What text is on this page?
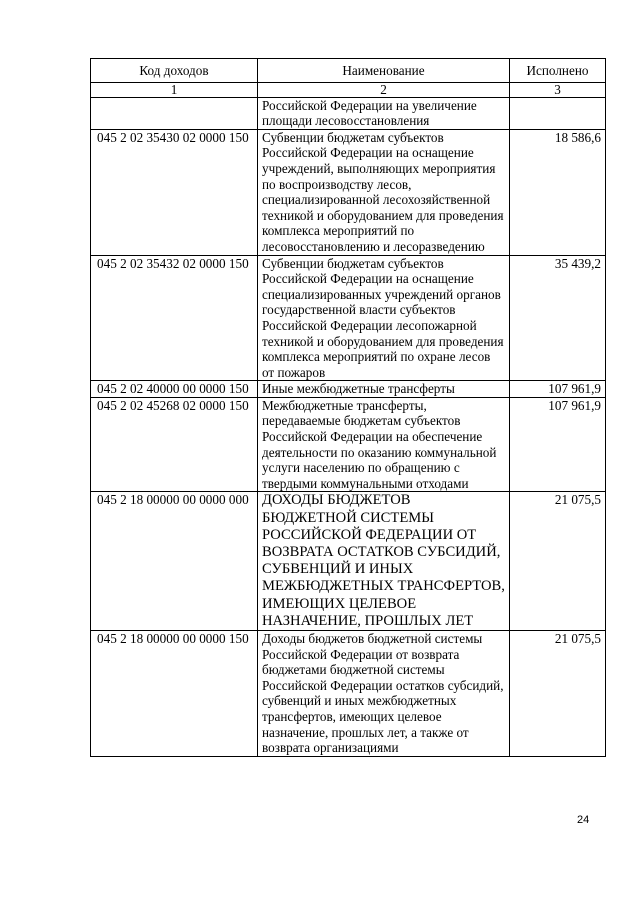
Код доходов	Наименование	Исполнено
1	2	3
	Российской Федерации на увеличение площади лесовосстановления	
045 2 02 35430 02 0000 150	Субвенции бюджетам субъектов Российской Федерации на оснащение учреждений, выполняющих мероприятия по воспроизводству лесов, специализированной лесохозяйственной техникой и оборудованием для проведения комплекса мероприятий по лесовосстановлению и лесоразведению	18 586,6
045 2 02 35432 02 0000 150	Субвенции бюджетам субъектов Российской Федерации на оснащение специализированных учреждений органов государственной власти субъектов Российской Федерации лесопожарной техникой и оборудованием для проведения комплекса мероприятий по охране лесов от пожаров	35 439,2
045 2 02 40000 00 0000 150	Иные межбюджетные трансферты	107 961,9
045 2 02 45268 02 0000 150	Межбюджетные трансферты, передаваемые бюджетам субъектов Российской Федерации на обеспечение деятельности по оказанию коммунальной услуги населению по обращению с твердыми коммунальными отходами	107 961,9
045 2 18 00000 00 0000 000	ДОХОДЫ БЮДЖЕТОВ БЮДЖЕТНОЙ СИСТЕМЫ РОССИЙСКОЙ ФЕДЕРАЦИИ ОТ ВОЗВРАТА ОСТАТКОВ СУБСИДИЙ, СУБВЕНЦИЙ И ИНЫХ МЕЖБЮДЖЕТНЫХ ТРАНСФЕРТОВ, ИМЕЮЩИХ ЦЕЛЕВОЕ НАЗНАЧЕНИЕ, ПРОШЛЫХ ЛЕТ	21 075,5
045 2 18 00000 00 0000 150	Доходы бюджетов бюджетной системы Российской Федерации от возврата бюджетами бюджетной системы Российской Федерации остатков субсидий, субвенций и иных межбюджетных трансфертов, имеющих целевое назначение, прошлых лет, а также от возврата организациями	21 075,5
24
